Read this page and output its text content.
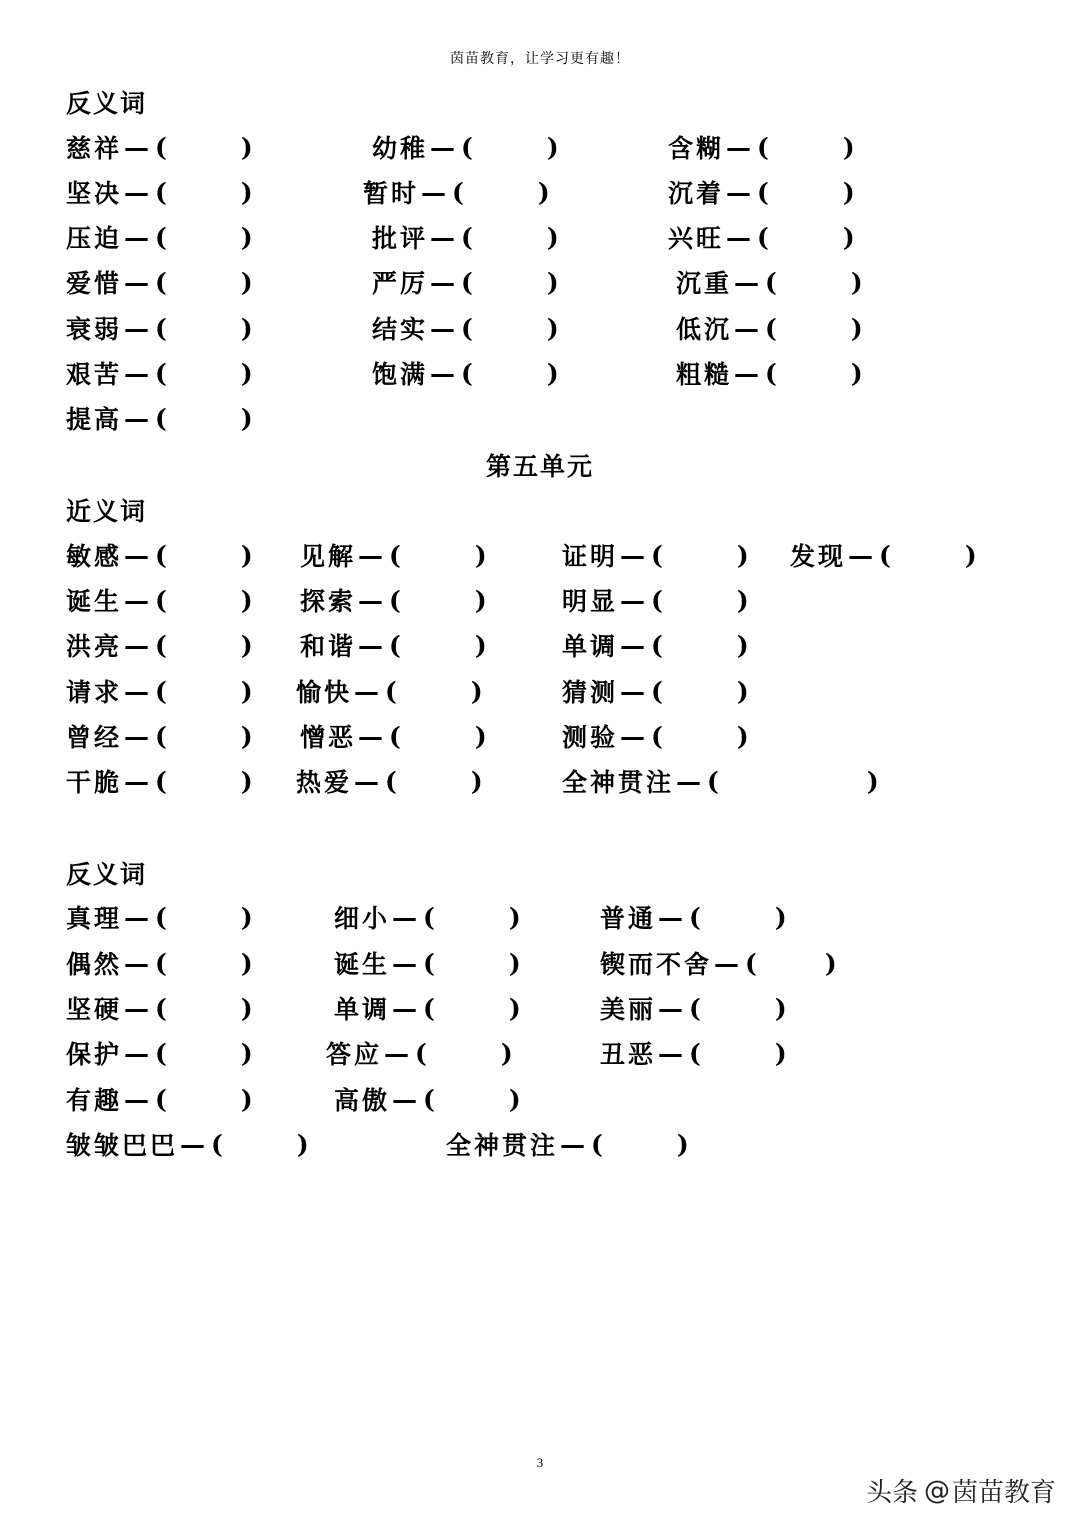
茵苗教育，让学习更有趣！
反义词
慈祥 — (	)	幼稚 — (	)	含糊 — (	)
坚决 — (	)	暂时 — (	)	沉着 — (	)
压迫 — (	)	批评 — (	)	兴旺 — (	)
爱惜 — (	)	严厉 — (	)	沉重 — (	)
衰弱 — (	)	结实 — (	)	低沉 — (	)
艰苦 — (	)	饱满 — (	)	粗糙 — (	)
提高 — (	)
第五单元
近义词
敏感 — (	) 见解 — (	)	证明 — (	) 发现 — (	)
诞生 — (	) 探索 — (	)	明显 — (	)
洪亮 — (	) 和谐 — (	)	单调 — (	)
请求 — (	) 愉快 — (	)	猜测 — (	)
曾经 — (	) 憎恶 — (	)	测验 — (	)
干脆 — (	) 热爱 — (	)	全神贯注 — (	)
反义词
真理 — (	)	细小 — (	)	普通 — (	)
偶然 — (	)	诞生 — (	)	锲而不舍 — (	)
坚硬 — (	)	单调 — (	)	美丽 — (	)
保护 — (	)	答应 — (	)	丑恶 — (	)
有趣 — (	)	高傲 — (	)
皱皱巴巴 — (	)	全神贯注 — (	)
3
头条 @ 茵苗教育
